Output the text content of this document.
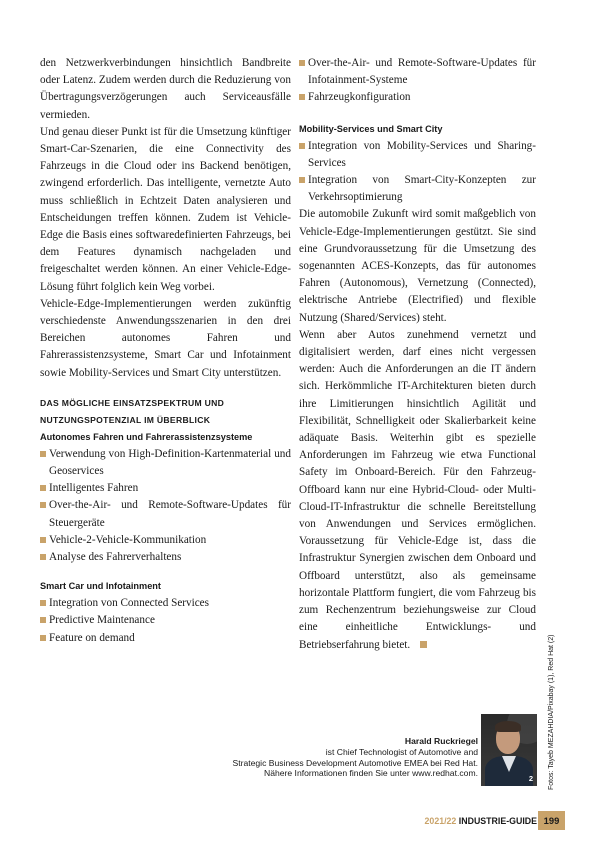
den Netzwerkverbindungen hinsichtlich Bandbreite oder Latenz. Zudem werden durch die Reduzierung von Übertragungsverzögerungen auch Serviceausfälle vermieden.

Und genau dieser Punkt ist für die Umsetzung künftiger Smart-Car-Szenarien, die eine Connectivity des Fahrzeugs in die Cloud oder ins Backend benötigen, zwingend erforderlich. Das intelligente, vernetzte Auto muss schließlich in Echtzeit Daten analysieren und Entscheidungen treffen können. Zudem ist Vehicle-Edge die Basis eines softwaredefinierten Fahrzeugs, bei dem Features dynamisch nachgeladen und freigeschaltet werden können. An einer Vehicle-Edge-Lösung führt folglich kein Weg vorbei.

Vehicle-Edge-Implementierungen werden zukünftig verschiedenste Anwendungsszenarien in den drei Bereichen autonomes Fahren und Fahrerassistenzsysteme, Smart Car und Infotainment sowie Mobility-Services und Smart City unterstützen.

DAS MÖGLICHE EINSATZSPEKTRUM UND NUTZUNGSPOTENZIAL IM ÜBERBLICK
Autonomes Fahren und Fahrerassistenzsysteme
Verwendung von High-Definition-Kartenmaterial und Geoservices
Intelligentes Fahren
Over-the-Air- und Remote-Software-Updates für Steuergeräte
Vehicle-2-Vehicle-Kommunikation
Analyse des Fahrerverhaltens
Smart Car und Infotainment
Integration von Connected Services
Predictive Maintenance
Feature on demand
Over-the-Air- und Remote-Software-Updates für Infotainment-Systeme
Fahrzeugkonfiguration
Mobility-Services und Smart City
Integration von Mobility-Services und Sharing-Services
Integration von Smart-City-Konzepten zur Verkehrsoptimierung

Die automobile Zukunft wird somit maßgeblich von Vehicle-Edge-Implementierungen gestützt. Sie sind eine Grundvoraussetzung für die Umsetzung des sogenannten ACES-Konzepts, das für autonomes Fahren (Autonomous), Vernetzung (Connected), elektrische Antriebe (Electrified) und flexible Nutzung (Shared/Services) steht.

Wenn aber Autos zunehmend vernetzt und digitalisiert werden, darf eines nicht vergessen werden: Auch die Anforderungen an die IT ändern sich. Herkömmliche IT-Architekturen bieten durch ihre Limitierungen hinsichtlich Agilität und Flexibilität, Schnelligkeit oder Skalierbarkeit keine adäquate Basis. Weiterhin gibt es spezielle Anforderungen im Fahrzeug wie etwa Functional Safety im Onboard-Bereich. Für den Fahrzeug-Offboard kann nur eine Hybrid-Cloud- oder Multi-Cloud-IT-Infrastruktur die schnelle Bereitstellung von Anwendungen und Services ermöglichen. Voraussetzung für Vehicle-Edge ist, dass die Infrastruktur Synergien zwischen dem Onboard und Offboard unterstützt, also als gemeinsame horizontale Plattform fungiert, die vom Fahrzeug bis zum Rechenzentrum beziehungsweise zur Cloud eine einheitliche Entwicklungs- und Betriebserfahrung bietet.

Harald Ruckriegel
ist Chief Technologist of Automotive and
Strategic Business Development Automotive EMEA bei Red Hat.
Nähere Informationen finden Sie unter www.redhat.com.
2 Fotos: Tayeb MEZAHDIA/Pixabay (1), Red Hat (2)
2021/22 INDUSTRIE-GUIDE 199
